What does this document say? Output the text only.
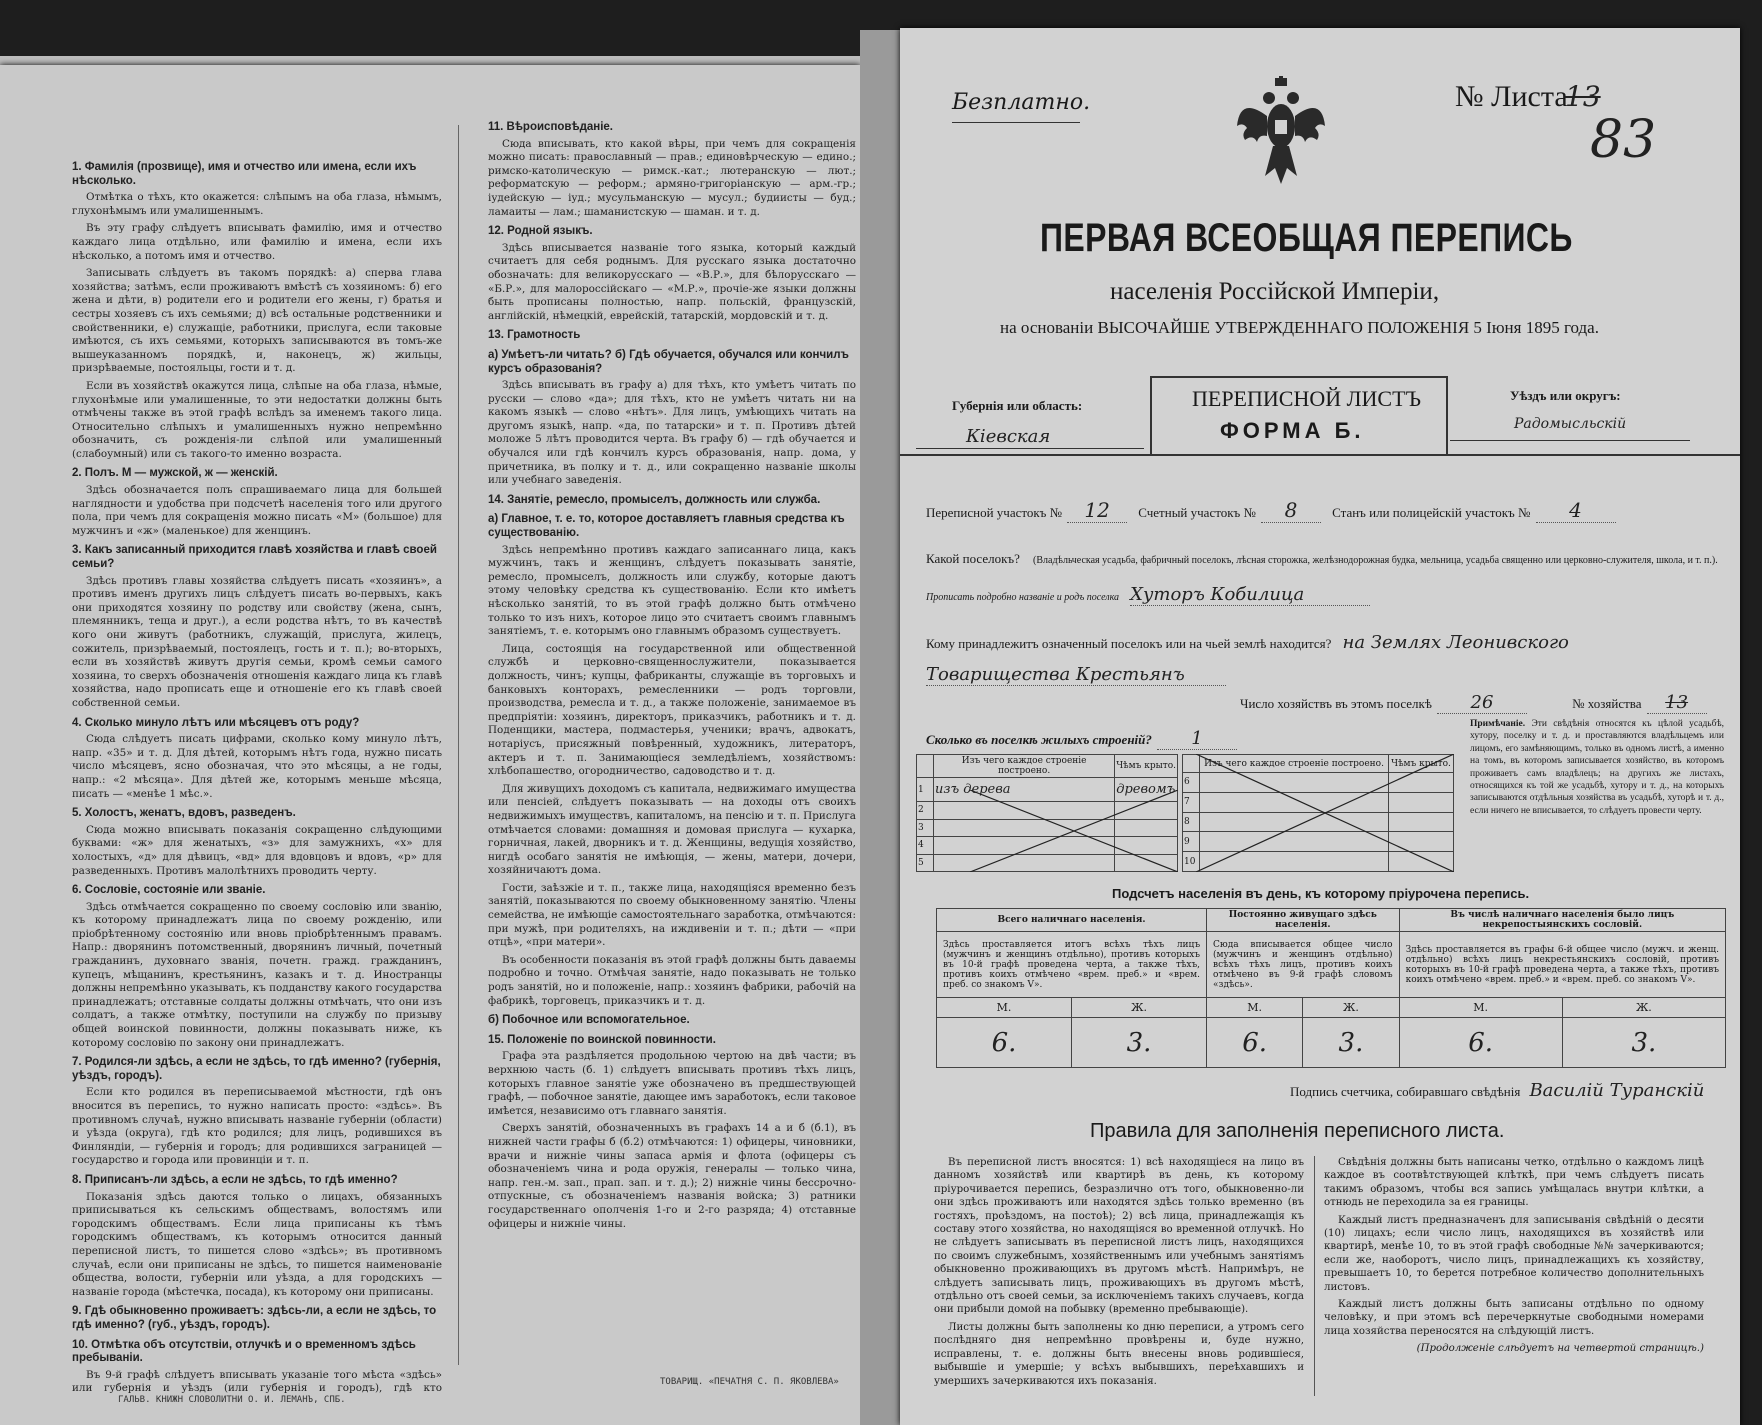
1. Фамилія (прозвище), имя и отчество или имена, если ихъ нѣсколько.

Отмѣтка о тѣхъ, кто окажется: слѣпымъ на оба глаза, нѣмымъ, глухонѣмымъ или умалишеннымъ.

Въ эту графу слѣдуетъ вписывать фамилію, имя и отчество каждаго лица отдѣльно, или фамилію и имена, если ихъ нѣсколько, а потомъ имя и отчество.

Записывать слѣдуетъ въ такомъ порядкѣ: а) сперва глава хозяйства; затѣмъ, если проживаютъ вмѣстѣ съ хозяиномъ: б) его жена и дѣти, в) родители его и родители его жены, г) братья и сестры хозяевъ съ ихъ семьями; д) всѣ остальные родственники и свойственники, е) служащіе, работники, прислуга, если таковые имѣются, съ ихъ семьями, которыхъ записываются въ томъ-же вышеуказанномъ порядкѣ, и, наконецъ, ж) жильцы, призрѣваемые, постояльцы, гости и т. д.

Если въ хозяйствѣ окажутся лица, слѣпые на оба глаза, нѣмые, глухонѣмые или умалишенные, то эти недостатки должны быть отмѣчены также въ этой графѣ вслѣдъ за именемъ такого лица. Относительно слѣпыхъ и умалишенныхъ нужно непремѣнно обозначить, съ рожденія-ли слѣпой или умалишенный (слабоумный) или съ такого-то именно возраста.

2. Полъ. М — мужской, ж — женскій.

Здѣсь обозначается полъ спрашиваемаго лица для большей наглядности и удобства при подсчетѣ населенія того или другого пола, при чемъ для сокращенія можно писать «М» (большое) для мужчинъ и «ж» (маленькое) для женщинъ.

3. Какъ записанный приходится главѣ хозяйства и главѣ своей семьи?

Здѣсь противъ главы хозяйства слѣдуетъ писать «хозяинъ», а противъ именъ другихъ лицъ слѣдуетъ писать во-первыхъ, какъ они приходятся хозяину по родству или свойству (жена, сынъ, племянникъ, теща и друг.), а если родства нѣтъ, то въ качествѣ кого они живутъ (работникъ, служащій, прислуга, жилецъ, сожитель, призрѣваемый, постоялецъ, гость и т. п.); во-вторыхъ, если въ хозяйствѣ живутъ другія семьи, кромѣ семьи самого хозяина, то сверхъ обозначенія отношенія каждаго лица къ главѣ хозяйства, надо прописать еще и отношеніе его къ главѣ своей собственной семьи.

4. Сколько минуло лѣтъ или мѣсяцевъ отъ роду?

Сюда слѣдуетъ писать цифрами, сколько кому минуло лѣтъ, напр. «35» и т. д. Для дѣтей, которымъ нѣтъ года, нужно писать число мѣсяцевъ, ясно обозначая, что это мѣсяцы, а не годы, напр.: «2 мѣсяца». Для дѣтей же, которымъ меньше мѣсяца, писать — «менѣе 1 мѣс.».

5. Холостъ, женатъ, вдовъ, разведенъ.

Сюда можно вписывать показанія сокращенно слѣдующими буквами: «ж» для женатыхъ, «з» для замужнихъ, «х» для холостыхъ, «д» для дѣвицъ, «вд» для вдовцовъ и вдовъ, «р» для разведенныхъ. Противъ малолѣтнихъ проводить черту.

6. Сословіе, состояніе или званіе.

Здѣсь отмѣчается сокращенно по своему сословію или званію, къ которому принадлежатъ лица по своему рожденію, или пріобрѣтенному состоянію или вновь пріобрѣтеннымъ правамъ. Напр.: дворянинъ потомственный, дворянинъ личный, почетный гражданинъ, духовнаго званія, почетн. гражд. гражданинъ, купецъ, мѣщанинъ, крестьянинъ, казакъ и т. д. Иностранцы должны непремѣнно указывать, къ подданству какого государства принадлежатъ; отставные солдаты должны отмѣчать, что они изъ солдатъ, а также отмѣтку, поступили на службу по призыву общей воинской повинности, должны показывать ниже, къ которому сословію по закону они принадлежатъ.

7. Родился-ли здѣсь, а если не здѣсь, то гдѣ именно? (губернія, уѣздъ, городъ).

Если кто родился въ переписываемой мѣстности, гдѣ онъ вносится въ перепись, то нужно написать просто: «здѣсь». Въ противномъ случаѣ, нужно вписывать названіе губерніи (области) и уѣзда (округа), гдѣ кто родился; для лицъ, родившихся въ Финляндіи, — губернія и городъ; для родившихся заграницей — государство и города или провинціи и т. п.

8. Приписанъ-ли здѣсь, а если не здѣсь, то гдѣ именно?

Показанія здѣсь даются только о лицахъ, обязанныхъ приписываться къ сельскимъ обществамъ, волостямъ или городскимъ обществамъ. Если лица приписаны къ тѣмъ городскимъ обществамъ, къ которымъ относится данный переписной листъ, то пишется слово «здѣсь»; въ противномъ случаѣ, если они приписаны не здѣсь, то пишется наименованіе общества, волости, губерніи или уѣзда, а для городскихъ — названіе города (мѣстечка, посада), къ которому они приписаны.

9. Гдѣ обыкновенно проживаетъ: здѣсь-ли, а если не здѣсь, то гдѣ именно? (губ., уѣздъ, городъ).
10. Отмѣтка объ отсутствіи, отлучкѣ и о временномъ здѣсь пребываніи.

Въ 9-й графѣ слѣдуетъ вписывать указаніе того мѣста «здѣсь» или губернія и уѣздъ (или губернія и городъ), гдѣ кто

11. Вѣроисповѣданіе.

Сюда вписывать, кто какой вѣры, при чемъ для сокращенія можно писать: православный — прав.; единовѣрческую — едино.; римско-католическую — римск.-кат.; лютеранскую — лют.; реформатскую — реформ.; армяно-григоріанскую — арм.-гр.; іудейскую — іуд.; мусульманскую — мусул.; будиисты — буд.; ламаиты — лам.; шаманистскую — шаман. и т. д.

12. Родной языкъ.

Здѣсь вписывается названіе того языка, который каждый считаетъ для себя роднымъ. Для русскаго языка достаточно обозначать: для великорусскаго — «В.Р.», для бѣлорусскаго — «Б.Р.», для малороссійскаго — «М.Р.», прочіе-же языки должны быть прописаны полностью, напр. польскій, французскій, англійскій, нѣмецкій, еврейскій, татарскій, мордовскій и т. д.

13. Грамотность
а) Умѣетъ-ли читать? б) Гдѣ обучается, обучался или кончилъ курсъ образованія?

Здѣсь вписывать въ графу а) для тѣхъ, кто умѣетъ читать по русски — слово «да»; для тѣхъ, кто не умѣетъ читать ни на какомъ языкѣ — слово «нѣтъ». Для лицъ, умѣющихъ читать на другомъ языкѣ, напр. «да, по татарски» и т. п. Противъ дѣтей моложе 5 лѣтъ проводится черта. Въ графу б) — гдѣ обучается и обучался или гдѣ кончилъ курсъ образованія, напр. дома, у причетника, въ полку и т. д., или сокращенно названіе школы или учебнаго заведенія.

14. Занятіе, ремесло, промыселъ, должность или служба.
а) Главное, т. е. то, которое доставляетъ главныя средства къ существованію.

Здѣсь непремѣнно противъ каждаго записаннаго лица, какъ мужчинъ, такъ и женщинъ, слѣдуетъ показывать занятіе, ремесло, промыселъ, должность или службу, которые даютъ этому человѣку средства къ существованію. Если кто имѣетъ нѣсколько занятій, то въ этой графѣ должно быть отмѣчено только то изъ нихъ, которое лицо это считаетъ своимъ главнымъ занятіемъ, т. е. которымъ оно главнымъ образомъ существуетъ.

Лица, состоящія на государственной или общественной службѣ и церковно-священнослужители, показывается должность, чинъ; купцы, фабриканты, служащіе въ торговыхъ и банковыхъ конторахъ, ремесленники — родъ торговли, производства, ремесла и т. д., а также положеніе, занимаемое въ предпріятіи: хозяинъ, директоръ, приказчикъ, работникъ и т. д. Поденщики, мастера, подмастерья, ученики; врачъ, адвокатъ, нотаріусъ, присяжный повѣренный, художникъ, литераторъ, актеръ и т. п. Занимающіеся земледѣліемъ, хозяйствомъ: хлѣбопашество, огородничество, садоводство и т. д.

Для живущихъ доходомъ съ капитала, недвижимаго имущества или пенсіей, слѣдуетъ показывать — на доходы отъ своихъ недвижимыхъ имуществъ, капиталомъ, на пенсію и т. п. Прислуга отмѣчается словами: домашняя и домовая прислуга — кухарка, горничная, лакей, дворникъ и т. д. Женщины, ведущія хозяйство, нигдѣ особаго занятія не имѣющія, — жены, матери, дочери, хозяйничаютъ дома.

Гости, заѣзжіе и т. п., также лица, находящіяся временно безъ занятій, показываются по своему обыкновенному занятію. Члены семейства, не имѣющіе самостоятельнаго заработка, отмѣчаются: при мужѣ, при родителяхъ, на иждивеніи и т. п.; дѣти — «при отцѣ», «при матери».

Въ особенности показанія въ этой графѣ должны быть даваемы подробно и точно. Отмѣчая занятіе, надо показывать не только родъ занятій, но и положеніе, напр.: хозяинъ фабрики, рабочій на фабрикѣ, торговецъ, приказчикъ и т. д.

б) Побочное или вспомогательное.
15. Положеніе по воинской повинности.

Графа эта раздѣляется продольною чертою на двѣ части; въ верхнюю часть (б. 1) слѣдуетъ вписывать противъ тѣхъ лицъ, которыхъ главное занятіе уже обозначено въ предшествующей графѣ, — побочное занятіе, дающее имъ заработокъ, если таковое имѣется, независимо отъ главнаго занятія.

Сверхъ занятій, обозначенныхъ въ графахъ 14 а и б (б.1), въ нижней части графы б (б.2) отмѣчаются: 1) офицеры, чиновники, врачи и нижніе чины запаса армія и флота (офицеры съ обозначеніемъ чина и рода оружія, генералы — только чина, напр. ген.-м. зап., прап. зап. и т. д.); 2) нижніе чины бессрочно-отпускные, съ обозначеніемъ названія войска; 3) ратники государственнаго ополченія 1-го и 2-го разряда; 4) отставные офицеры и нижніе чины.

ГАЛЬВ. КНИЖН СЛОВОЛИТНИ О. И. ЛЕМАНЪ, СПБ.
ТОВАРИЩ. «ПЕЧАТНЯ С. П. ЯКОВЛЕВА»
Безплатно.	№ Листа
13
83
ПЕРВАЯ ВСЕОБЩАЯ ПЕРЕПИСЬ
населенія Россійской Имперіи,
на основаніи ВЫСОЧАЙШЕ УТВЕРЖДЕННАГО ПОЛОЖЕНІЯ 5 Іюня 1895 года.
Губернія или область:
Кіевская
ПЕРЕПИСНОЙ ЛИСТЪ
ФОРМА Б.
Уѣздъ или округъ:
Радомысльскій
Переписной участокъ № 12 Счетный участокъ № 8	Станъ или полицейскій участокъ № 4
Какой поселокъ? (Владѣльческая усадьба, фабричный поселокъ, лѣсная сторожка, желѣзнодорожная будка, мельница, усадьба священно или церковно-служителя, школа, и т. п.).
Прописать подробно названіе и родъ поселка Хуторъ Кобилица
Кому принадлежитъ означенный поселокъ или на чьей землѣ находится? на Землях Леонивского
Товарищества Крестьянъ
Число хозяйствъ въ этомъ поселкѣ 26	№ хозяйства 13
Сколько въ поселкѣ жилыхъ строеній? 1
	Изъ чего каждое строеніе построено.	Чѣмъ крыто.
1	изъ дерева	древомъ
2		
3		
4		
5		
	Изъ чего каждое строеніе построено.	Чѣмъ крыто.
6		
7		
8		
9		
10		
Примѣчаніе. Эти свѣдѣнія относятся къ цѣлой усадьбѣ, хутору, поселку и т. д. и проставляются владѣльцемъ или лицомъ, его замѣняющимъ, только въ одномъ листѣ, а именно на томъ, въ которомъ записывается хозяйство, въ которомъ проживаетъ самъ владѣлецъ; на другихъ же листахъ, относящихся къ той же усадьбѣ, хутору и т. д., на которыхъ записываются отдѣльныя хозяйства въ усадьбѣ, хуторѣ и т. д., если ничего не вписывается, то слѣдуетъ провести черту.
Подсчетъ населенія въ день, къ которому пріурочена перепись.
Всего наличнаго населенія.		Постоянно живущаго здѣсь населенія.		Въ числѣ наличнаго населенія было лицъ некрепостыянскихъ сословій.	
Здѣсь проставляется итогъ всѣхъ тѣхъ лицъ (мужчинъ и женщинъ отдѣльно), противъ которыхъ въ 10-й графѣ проведена черта, а также тѣхъ, противъ коихъ отмѣчено «врем. преб.» и «врем. преб. со знакомъ V».		Сюда вписывается общее число (мужчинъ и женщинъ отдѣльно) всѣхъ тѣхъ лицъ, противъ коихъ отмѣчено въ 9-й графѣ словомъ «здѣсь».		Здѣсь проставляется въ графы 6-й общее число (мужч. и женщ. отдѣльно) всѣхъ лицъ некрестьянскихъ сословій, противъ которыхъ въ 10-й графѣ проведена черта, а также тѣхъ, противъ коихъ отмѣчено «врем. преб.» и «врем. преб. со знакомъ V».	
М.	Ж.	М.	Ж.	М.	Ж.
6.	3.	6.	3.	6.	3.
Подпись счетчика, собиравшаго свѣдѣнія Василій Туранскій
Правила для заполненія переписного листа.

Въ переписной листъ вносятся: 1) всѣ находящіеся на лицо въ данномъ хозяйствѣ или квартирѣ въ день, къ которому пріурочивается перепись, безразлично отъ того, обыкновенно-ли они здѣсь проживаютъ или находятся здѣсь только временно (въ гостяхъ, проѣздомъ, на постоѣ); 2) всѣ лица, принадлежащія къ составу этого хозяйства, но находящіяся во временной отлучкѣ. Но не слѣдуетъ записывать въ переписной листъ лицъ, находящихся по своимъ служебнымъ, хозяйственнымъ или учебнымъ занятіямъ обыкновенно проживающихъ въ другомъ мѣстѣ. Напримѣръ, не слѣдуетъ записывать лицъ, проживающихъ въ другомъ мѣстѣ, отдѣльно отъ своей семьи, за исключеніемъ такихъ случаевъ, когда они прибыли домой на побывку (временно пребывающіе).

Листы должны быть заполнены ко дню переписи, а утромъ сего послѣдняго дня непремѣнно провѣрены и, буде нужно, исправлены, т. е. должны быть внесены вновь родившіеся, выбывшіе и умершіе; у всѣхъ выбывшихъ, переѣхавшихъ и умершихъ зачеркиваются ихъ показанія.

Свѣдѣнія должны быть написаны четко, отдѣльно о каждомъ лицѣ каждое въ соотвѣтствующей клѣткѣ, при чемъ слѣдуетъ писать такимъ образомъ, чтобы вся запись умѣщалась внутри клѣтки, а отнюдь не переходила за ея границы.

Каждый листъ предназначенъ для записыванія свѣдѣній о десяти (10) лицахъ; если число лицъ, находящихся въ хозяйствѣ или квартирѣ, менѣе 10, то въ этой графѣ свободные №№ зачеркиваются; если же, наоборотъ, число лицъ, принадлежащихъ къ хозяйству, превышаетъ 10, то берется потребное количество дополнительныхъ листовъ.

Каждый листъ должны быть записаны отдѣльно по одному человѣку, и при этомъ всѣ перечеркнутые свободными номерами лица хозяйства переносятся на слѣдующій листъ.

(Продолженіе слѣдуетъ на четвертой страницѣ.)
